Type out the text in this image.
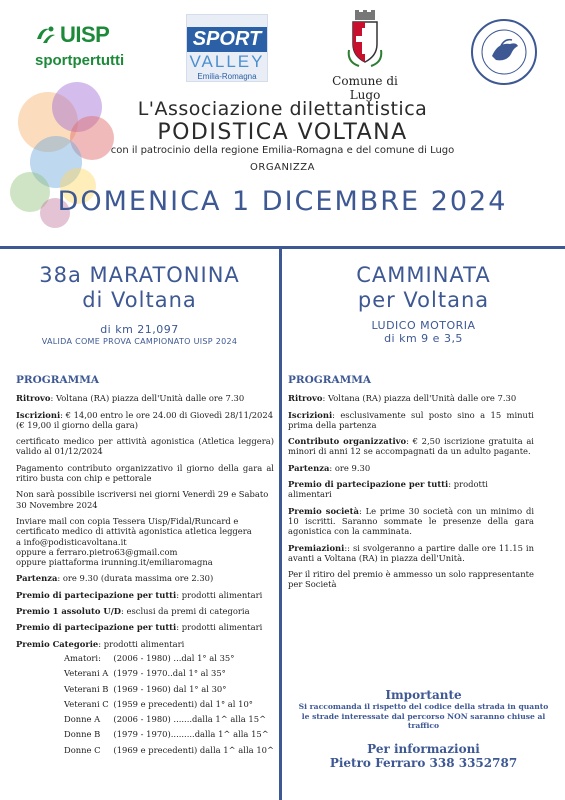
UISP
sportpertutti
SPORT
VALLEY
Emilia-Romagna	Comune di Lugo
L'Associazione dilettantistica
PODISTICA VOLTANA
con il patrocinio della regione Emilia-Romagna e del comune di Lugo
ORGANIZZA
DOMENICA 1 DICEMBRE 2024
38a MARATONINA
di Voltana
di km 21,097
VALIDA COME PROVA CAMPIONATO UISP 2024
CAMMINATA
per Voltana
LUDICO MOTORIA
di km 9 e 3,5
PROGRAMMA

Ritrovo: Voltana (RA) piazza dell'Unità dalle ore 7.30

Iscrizioni: € 14,00 entro le ore 24.00 di Giovedì 28/11/2024 (€ 19,00 il giorno della gara)

certificato medico per attività agonistica (Atletica leggera) valido al 01/12/2024

Pagamento contributo organizzativo il giorno della gara al ritiro busta con chip e pettorale

Non sarà possibile iscriversi nei giorni Venerdì 29 e Sabato 30 Novembre 2024

Inviare mail con copia Tessera Uisp/Fidal/Runcard e
certificato medico di attività agonistica atletica leggera
a info@podisticavoltana.it
oppure a ferraro.pietro63@gmail.com
oppure piattaforma irunning.it/emiliaromagna

Partenza: ore 9.30 (durata massima ore 2.30)

Premio di partecipazione per tutti: prodotti alimentari

Premio 1 assoluto U/D: esclusi da premi di categoria

Premio di partecipazione per tutti: prodotti alimentari

Premio Categorie: prodotti alimentari

Amatori:	(2006 - 1980) ...dal 1° al 35°
Veterani A	(1979 - 1970..dal 1° al 35°
Veterani B	(1969 - 1960) dal 1° al 30°
Veterani C	(1959 e precedenti) dal 1° al 10°
Donne A	(2006 - 1980) .......dalla 1^ alla 15^
Donne B	(1979 - 1970).........dalla 1^ alla 15^
Donne C	(1969 e precedenti) dalla 1^ alla 10^
PROGRAMMA

Ritrovo: Voltana (RA) piazza dell'Unità dalle ore 7.30

Iscrizioni: esclusivamente sul posto sino a 15 minuti prima della partenza

Contributo organizzativo: € 2,50 iscrizione gratuita ai minori di anni 12 se accompagnati da un adulto pagante.

Partenza: ore 9.30

Premio di partecipazione per tutti: prodotti alimentari

Premio società: Le prime 30 società con un minimo di 10 iscritti. Saranno sommate le presenze della gara agonistica con la camminata.

Premiazioni:: si svolgeranno a partire dalle ore 11.15 in avanti a Voltana (RA) in piazza dell'Unità.

Per il ritiro del premio è ammesso un solo rappresentante per Società

Importante
Si raccomanda il rispetto del codice della strada in quanto le strade interessate dal percorso NON saranno chiuse al traffico
Per informazioni
Pietro Ferraro 338 3352787
